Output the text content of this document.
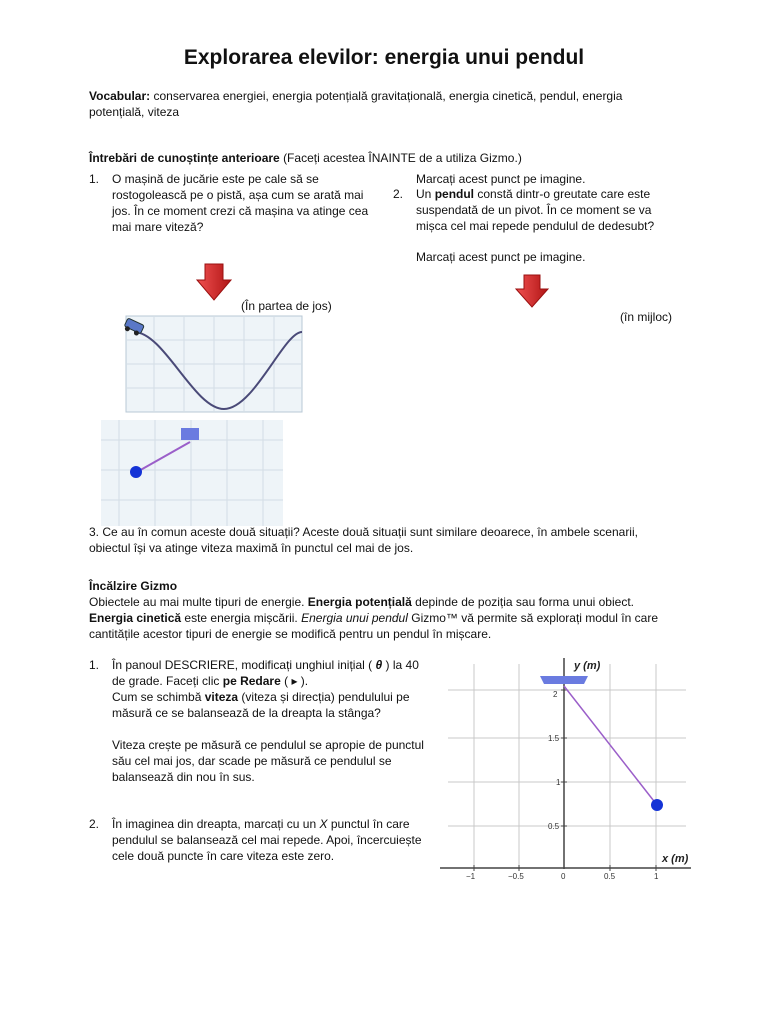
Explorarea elevilor: energia unui pendul
Vocabular: conservarea energiei, energia potențială gravitațională, energia cinetică, pendul, energia potențială, viteza
Întrebări de cunoștințe anterioare (Faceți acestea ÎNAINTE de a utiliza Gizmo.)
1. O mașină de jucărie este pe cale să se rostogolească pe o pistă, așa cum se arată mai jos. În ce moment crezi că mașina va atinge cea mai mare viteză?
Marcați acest punct pe imagine.
2. Un pendul constă dintr-o greutate care este suspendată de un pivot. În ce moment se va mișca cel mai repede pendulul de dedesubt?
Marcați acest punct pe imagine.
(În partea de jos)
(în mijloc)
3. Ce au în comun aceste două situații? Aceste două situații sunt similare deoarece, în ambele scenarii, obiectul își va atinge viteza maximă în punctul cel mai de jos.
Încălzire Gizmo
Obiectele au mai multe tipuri de energie. Energia potențială depinde de poziția sau forma unui obiect. Energia cinetică este energia mișcării. Energia unui pendul Gizmo™ vă permite să explorați modul în care cantitățile acestor tipuri de energie se modifică pentru un pendul în mișcare.
1. În panoul DESCRIERE, modificați unghiul inițial ( θ ) la 40 de grade. Faceți clic pe Redare ( ▸ ).
Cum se schimbă viteza (viteza și direcția) pendulului pe măsură ce se balansează de la dreapta la stânga?
Viteza crește pe măsură ce pendulul se apropie de punctul său cel mai jos, dar scade pe măsură ce pendulul se balansează din nou în sus.
2. În imaginea din dreapta, marcați cu un X punctul în care pendulul se balansează cel mai repede. Apoi, încercuiește cele două puncte în care viteza este zero.
y (m)
x (m)
−1	−0.5	0	0.5	1
2
1.5
1
0.5
